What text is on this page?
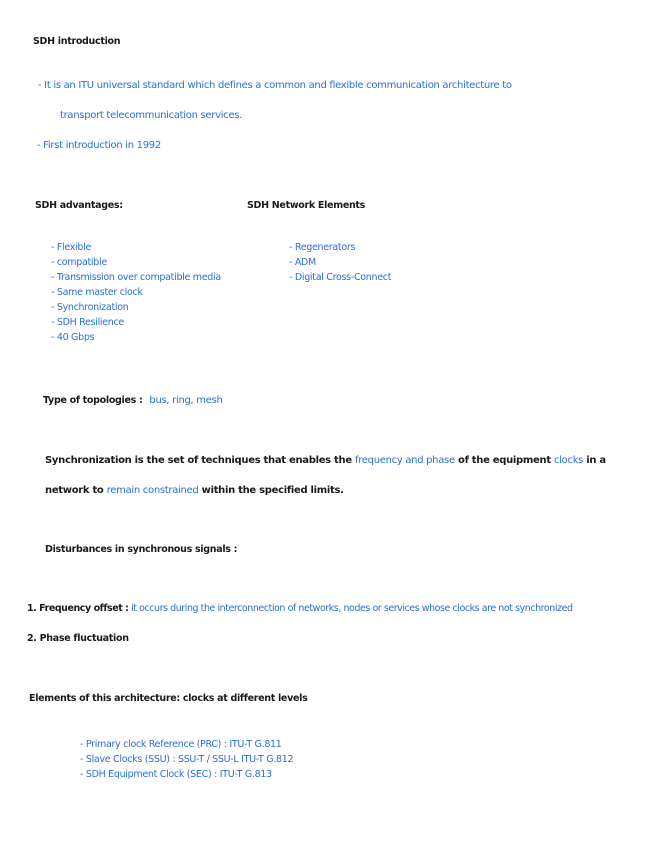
SDH introduction
- It is an ITU universal standard which defines a common and flexible communication architecture to
transport telecommunication services.
- First introduction in 1992
SDH advantages:
- Flexible
- compatible
- Transmission over compatible media
- Same master clock
- Synchronization
- SDH Resilience
- 40 Gbps
SDH Network Elements
- Regenerators
- ADM
- Digital Cross-Connect
Type of topologies : bus, ring, mesh
Synchronization is the set of techniques that enables the frequency and phase of the equipment clocks in a
network to remain constrained within the specified limits.
Disturbances in synchronous signals :
1. Frequency offset : it occurs during the interconnection of networks, nodes or services whose clocks are not synchronized
2. Phase fluctuation
Elements of this architecture: clocks at different levels
- Primary clock Reference (PRC) : ITU-T G.811
- Slave Clocks (SSU) : SSU-T / SSU-L ITU-T G.812
- SDH Equipment Clock (SEC) : ITU-T G.813
